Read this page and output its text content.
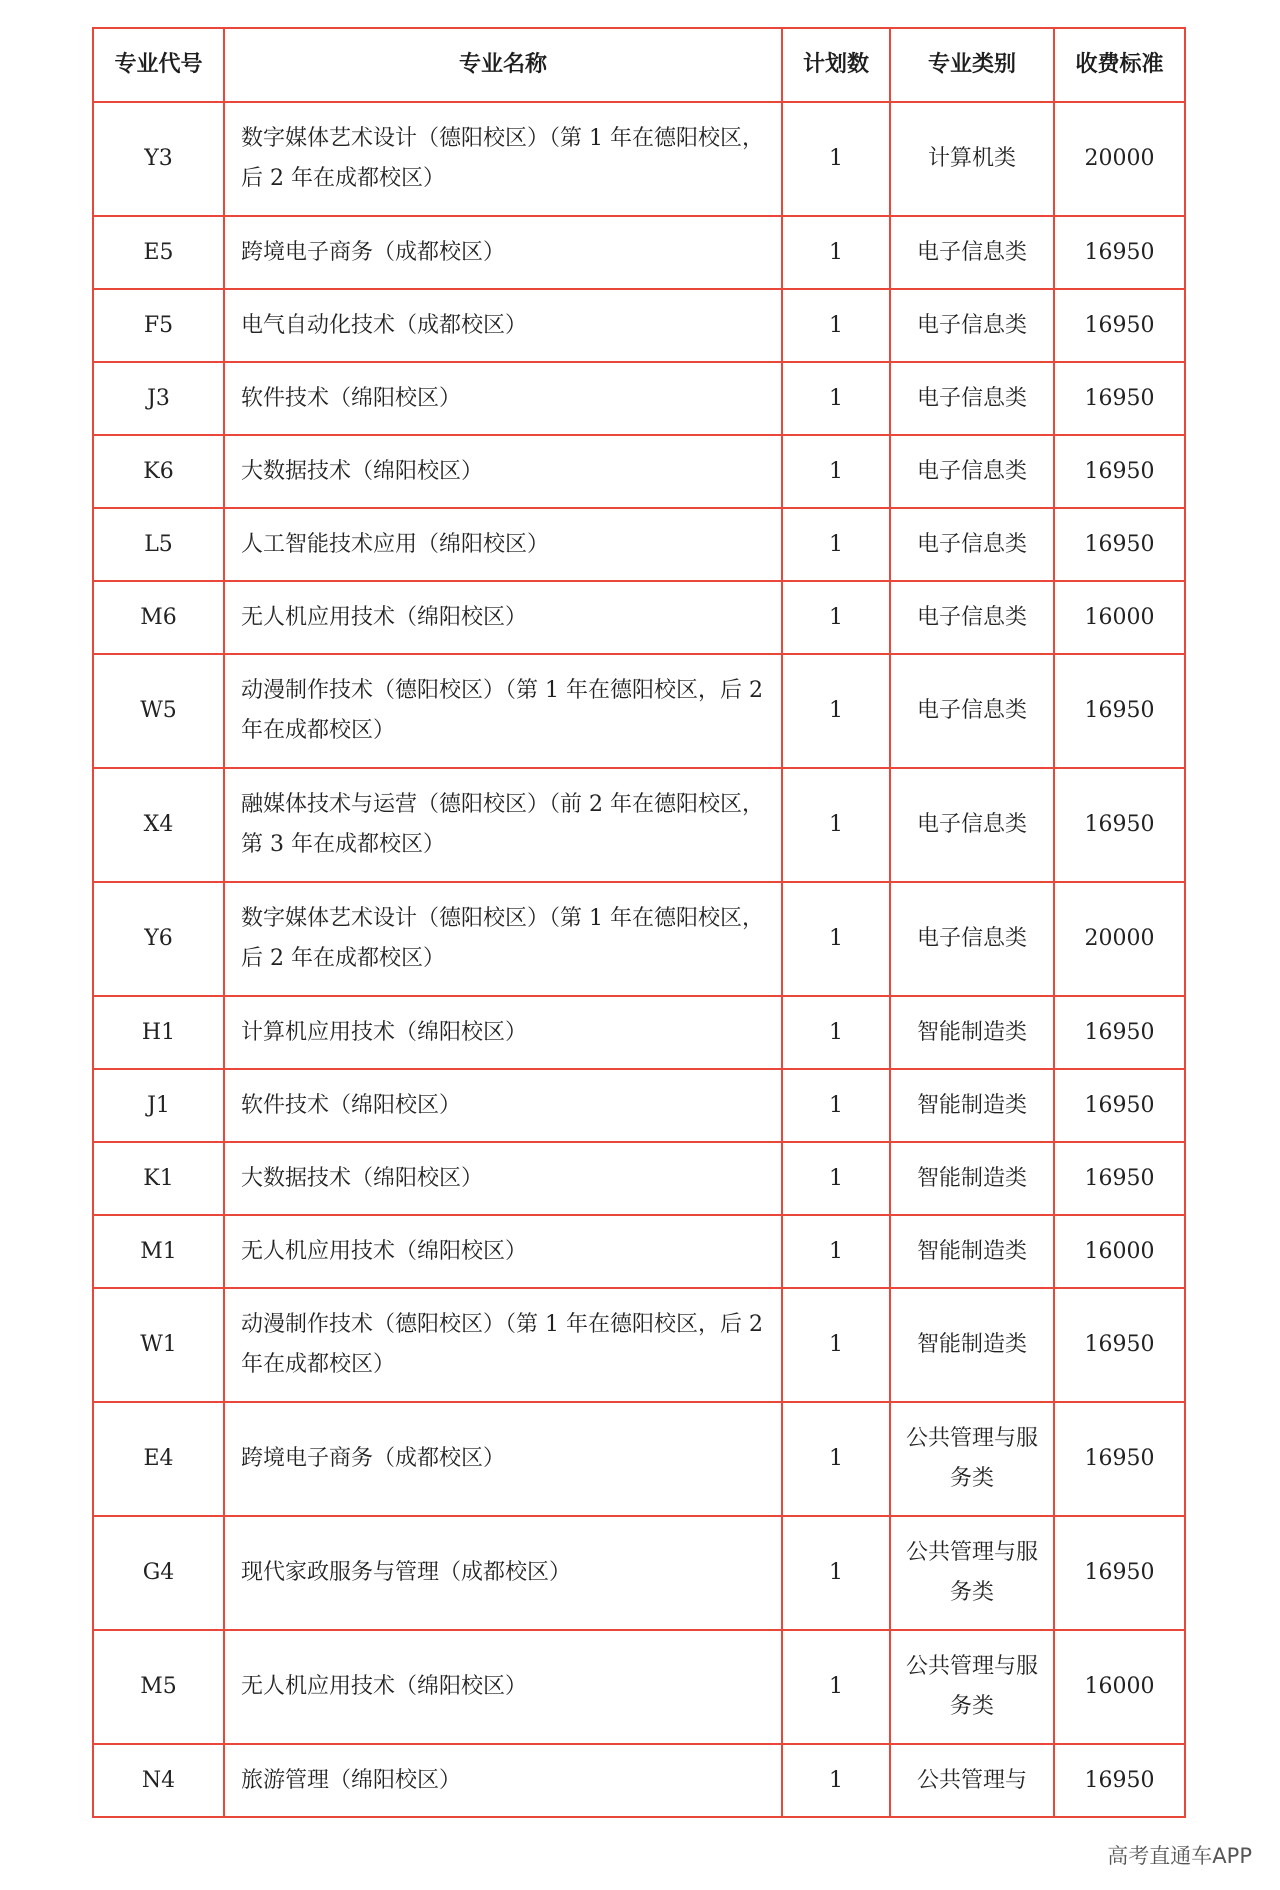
专业代号	专业名称	计划数	专业类别	收费标准
Y3	数字媒体艺术设计（德阳校区）（第 1 年在德阳校区，后 2 年在成都校区）	1	计算机类	20000
E5	跨境电子商务（成都校区）	1	电子信息类	16950
F5	电气自动化技术（成都校区）	1	电子信息类	16950
J3	软件技术（绵阳校区）	1	电子信息类	16950
K6	大数据技术（绵阳校区）	1	电子信息类	16950
L5	人工智能技术应用（绵阳校区）	1	电子信息类	16950
M6	无人机应用技术（绵阳校区）	1	电子信息类	16000
W5	动漫制作技术（德阳校区）（第 1 年在德阳校区，后 2 年在成都校区）	1	电子信息类	16950
X4	融媒体技术与运营（德阳校区）（前 2 年在德阳校区，第 3 年在成都校区）	1	电子信息类	16950
Y6	数字媒体艺术设计（德阳校区）（第 1 年在德阳校区，后 2 年在成都校区）	1	电子信息类	20000
H1	计算机应用技术（绵阳校区）	1	智能制造类	16950
J1	软件技术（绵阳校区）	1	智能制造类	16950
K1	大数据技术（绵阳校区）	1	智能制造类	16950
M1	无人机应用技术（绵阳校区）	1	智能制造类	16000
W1	动漫制作技术（德阳校区）（第 1 年在德阳校区，后 2 年在成都校区）	1	智能制造类	16950
E4	跨境电子商务（成都校区）	1	公共管理与服务类	16950
G4	现代家政服务与管理（成都校区）	1	公共管理与服务类	16950
M5	无人机应用技术（绵阳校区）	1	公共管理与服务类	16000
N4	旅游管理（绵阳校区）	1	公共管理与	16950
高考直通车APP
